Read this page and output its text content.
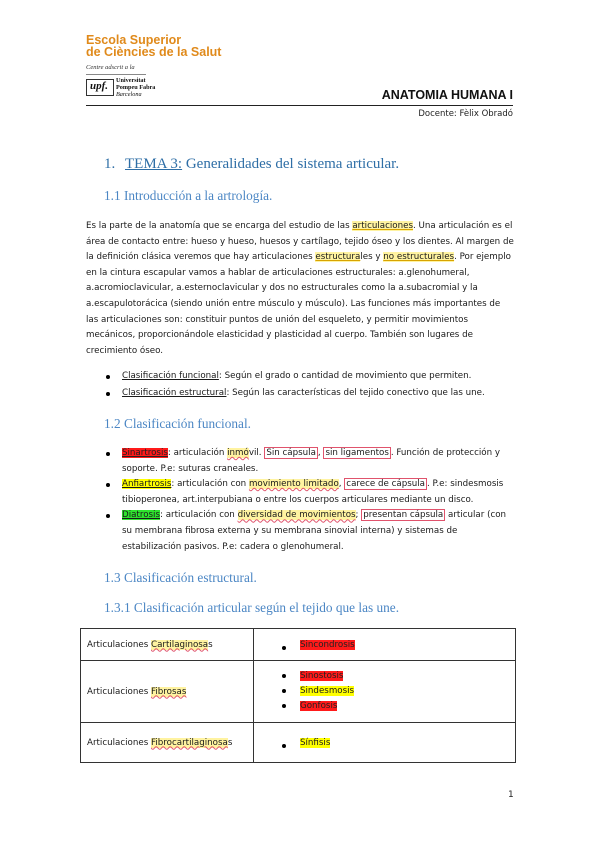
Escola Superior
de Ciències de la Salut
Centre adscrit a la
upf. Universitat
Pompeu Fabra
Barcelona	ANATOMIA HUMANA I
Docente: Fèlix Obradó
1. TEMA 3: Generalidades del sistema articular.
1.1 Introducción a la artrología.

Es la parte de la anatomía que se encarga del estudio de las articulaciones. Una articulación es el área de contacto entre: hueso y hueso, huesos y cartílago, tejido óseo y los dientes. Al margen de la definición clásica veremos que hay articulaciones estructurales y no estructurales. Por ejemplo en la cintura escapular vamos a hablar de articulaciones estructurales: a.glenohumeral, a.acromioclavicular, a.esternoclavicular y dos no estructurales como la a.subacromial y la a.escapulotorácica (siendo unión entre músculo y músculo). Las funciones más importantes de las articulaciones son: constituir puntos de unión del esqueleto, y permitir movimientos mecánicos, proporcionándole elasticidad y plasticidad al cuerpo. También son lugares de crecimiento óseo.

Clasificación funcional: Según el grado o cantidad de movimiento que permiten.
Clasificación estructural: Según las características del tejido conectivo que las une.
1.2 Clasificación funcional.
Sinartrosis: articulación inmóvil. Sin cápsula , sin ligamentos . Función de protección y soporte. P.e: suturas craneales.
Anfiartrosis: articulación con movimiento limitado, carece de cápsula . P.e: sindesmosis tibioperonea, art.interpubiana o entre los cuerpos articulares mediante un disco.
Diatrosis: articulación con diversidad de movimientos; presentan cápsula articular (con su membrana fibrosa externa y su membrana sinovial interna) y sistemas de estabilización pasivos. P.e: cadera o glenohumeral.
1.3 Clasificación estructural.
1.3.1 Clasificación articular según el tejido que las une.
Articulaciones Cartilaginosas	Sincondrosis

Articulaciones Fibrosas	Sinostosis
Sindesmosis
Gonfosis

Articulaciones Fibrocartilaginosas	Sínfisis
1
